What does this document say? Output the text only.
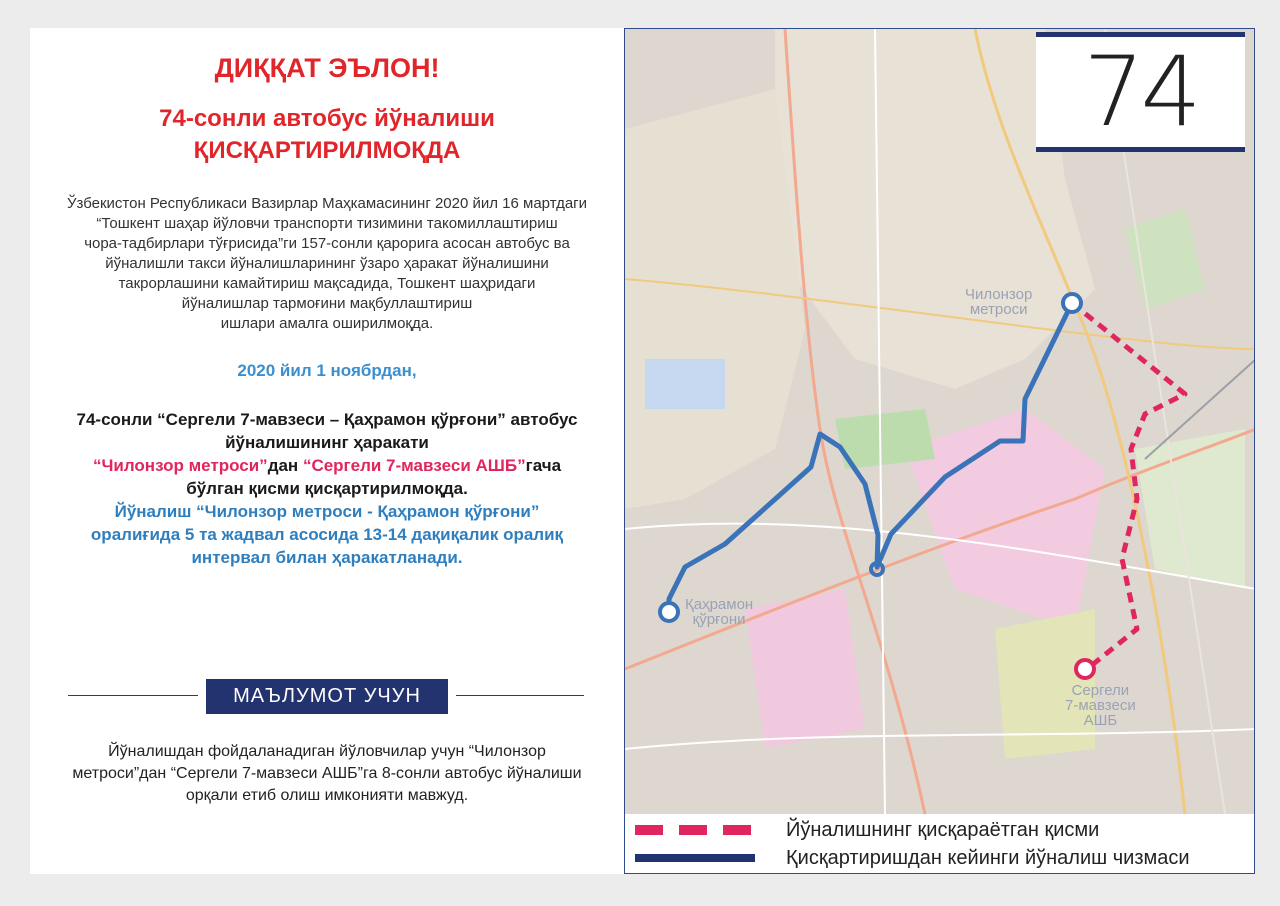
ДИҚҚАТ ЭЪЛОН!
74-сонли автобус йўналиши
ҚИСҚАРТИРИЛМОҚДА
Ўзбекистон Республикаси Вазирлар Маҳкамасининг 2020 йил 16 мартдаги
“Тошкент шаҳар йўловчи транспорти тизимини такомиллаштириш
чора-тадбирлари тўғрисида”ги 157-сонли қарорига асосан автобус ва
йўналишли такси йўналишларининг ўзаро ҳаракат йўналишини
такрорлашини камайтириш мақсадида, Тошкент шаҳридаги
йўналишлар тармоғини мақбуллаштириш
ишлари амалга оширилмоқда.
2020 йил 1 ноябрдан,
74-сонли “Сергели 7-мавзеси – Қаҳрамон қўрғони” автобус
йўналишининг ҳаракати
“Чилонзор метроси”дан “Сергели 7-мавзеси АШБ”гача
бўлган қисми қисқартирилмоқда.
Йўналиш “Чилонзор метроси - Қаҳрамон қўрғони”
оралиғида 5 та жадвал асосида 13-14 дақиқалик оралиқ
интервал билан ҳаракатланади.
МАЪЛУМОТ УЧУН
Йўналишдан фойдаланадиган йўловчилар учун “Чилонзор
метроси”дан “Сергели 7-мавзеси АШБ”га 8-сонли автобус йўналиши
орқали етиб олиш имконияти мавжуд.
74
Чилонзор
метроси
Қаҳрамон
қўрғони
Сергели
7-мавзеси
АШБ
Йўналишнинг қисқараётган қисми
Қисқартиришдан кейинги йўналиш чизмаси
